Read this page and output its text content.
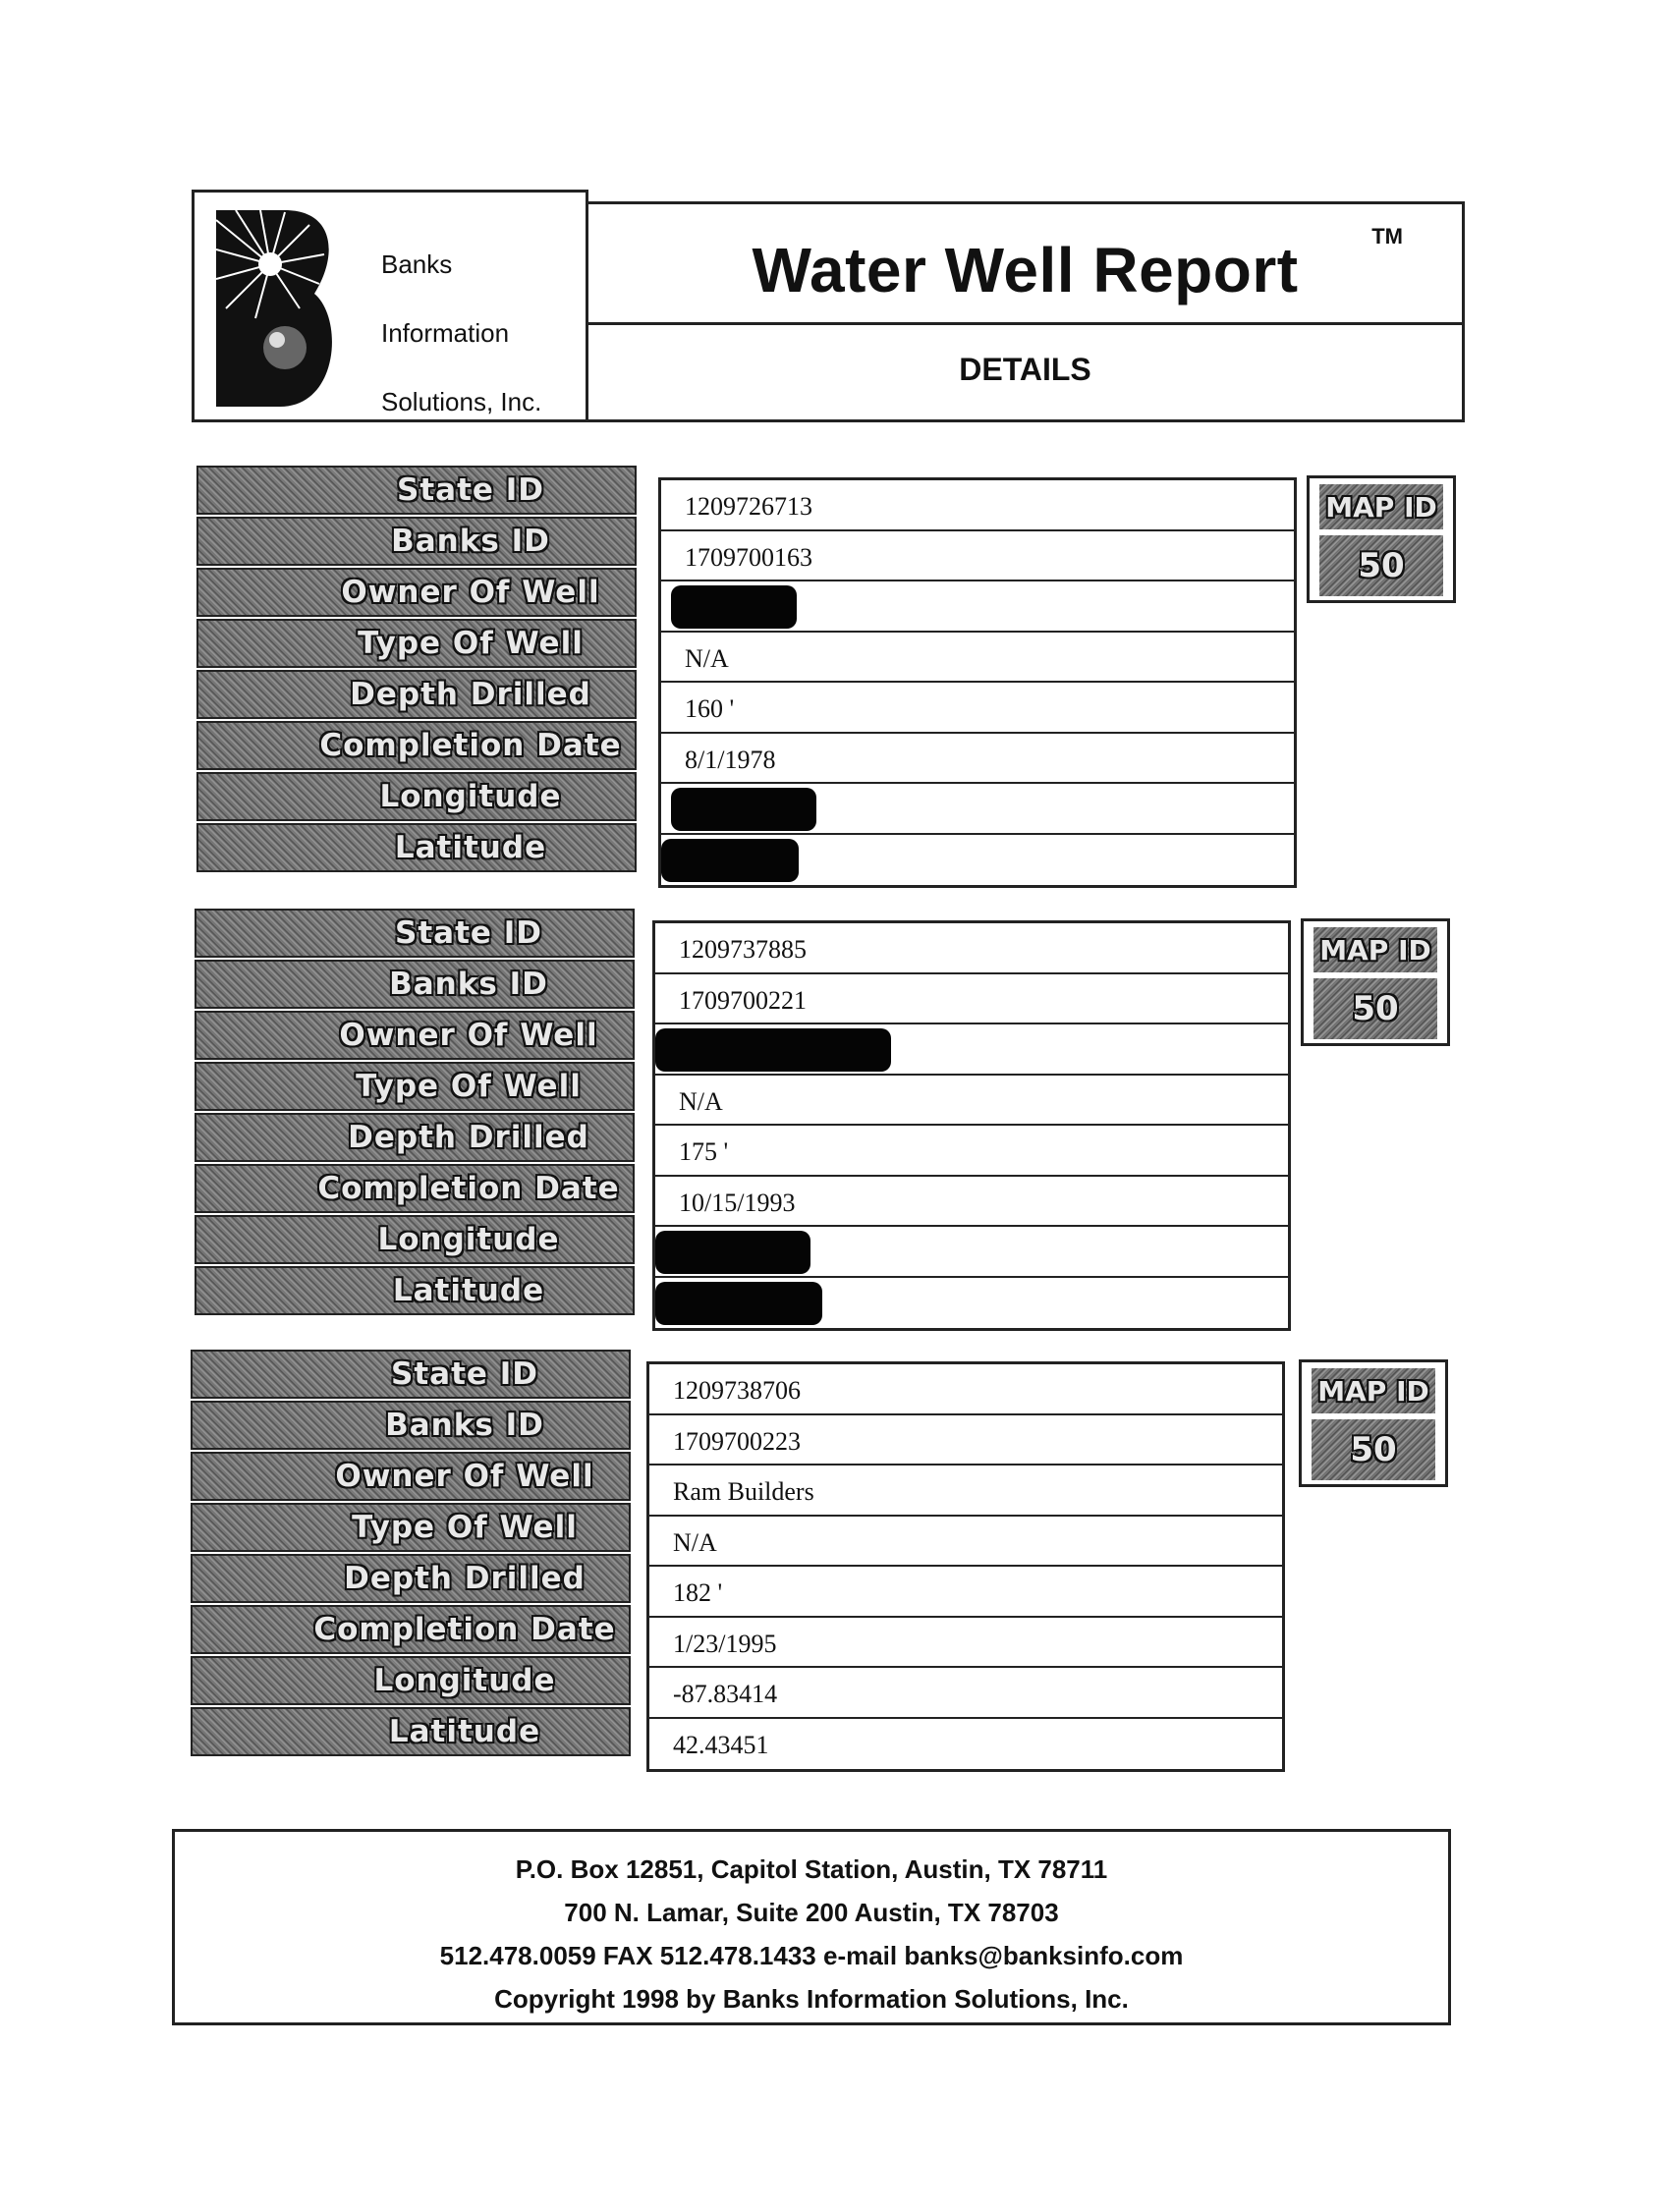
Banks
Information
Solutions, Inc.
Water Well Report	TM
DETAILS
State ID
Banks ID
Owner Of Well
Type Of Well
Depth Drilled
Completion Date
Longitude
Latitude
1209726713
1709700163
N/A
160 '
8/1/1978
MAP ID
50
State ID
Banks ID
Owner Of Well
Type Of Well
Depth Drilled
Completion Date
Longitude
Latitude
1209737885
1709700221
N/A
175 '
10/15/1993
MAP ID
50
State ID
Banks ID
Owner Of Well
Type Of Well
Depth Drilled
Completion Date
Longitude
Latitude
1209738706
1709700223
Ram Builders
N/A
182 '
1/23/1995
-87.83414
42.43451
MAP ID
50
P.O. Box 12851, Capitol Station, Austin, TX 78711
700 N. Lamar, Suite 200 Austin, TX 78703
512.478.0059 FAX 512.478.1433 e-mail banks@banksinfo.com
Copyright 1998 by Banks Information Solutions, Inc.
